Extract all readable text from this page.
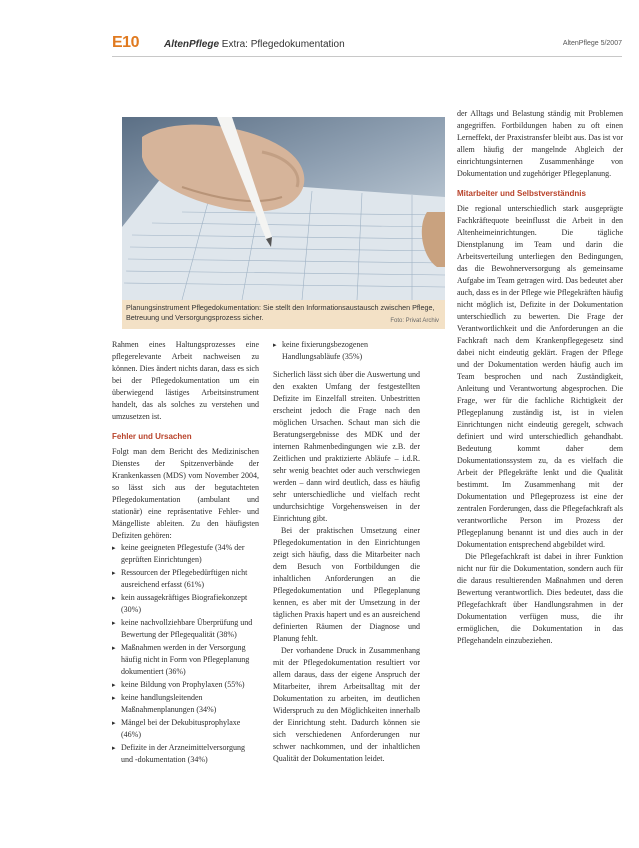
E10	AltenPflege Extra: Pflegedokumentation	AltenPflege 5/2007
Planungsinstrument Pflegedokumentation: Sie stellt den Informationsaustausch zwischen Pflege, Betreuung und Versorgungsprozess sicher.	Foto: Privat Archiv

Rahmen eines Haltungsprozesses eine pflegerelevante Arbeit nachweisen zu können. Dies ändert nichts daran, dass es sich bei der Pflegedokumentation um ein überwiegend lästiges Arbeitsinstrument handelt, das als solches zu verstehen und umzusetzen ist.

Fehler und Ursachen

Folgt man dem Bericht des Medizinischen Dienstes der Spitzenverbände der Krankenkassen (MDS) vom November 2004, so lässt sich aus der begutachteten Pflegedokumentation (ambulant und stationär) eine repräsentative Fehler- und Mängelliste ableiten. Zu den häufigsten Defiziten gehören:

▸ keine geeigneten Pflegestufe (34% der geprüften Einrichtungen)
▸ Ressourcen der Pflegebedürftigen nicht ausreichend erfasst (61%)
▸ kein aussagekräftiges Biografiekonzept (30%)
▸ keine nachvollziehbare Überprüfung und Bewertung der Pflegequalität (38%)
▸ Maßnahmen werden in der Versorgung häufig nicht in Form von Pflegeplanung dokumentiert (36%)
▸ keine Bildung von Prophylaxen (55%)
▸ keine handlungsleitenden Maßnahmenplanungen (34%)
▸ Mängel bei der Dekubitusprophylaxe (46%)
▸ Defizite in der Arzneimittelversorgung und -dokumentation (34%)
▸ keine fixierungsbezogenen Handlungsabläufe (35%)

Sicherlich lässt sich über die Auswertung und den exakten Umfang der festgestellten Defizite im Einzelfall streiten. Unbestritten erscheint jedoch die Frage nach den möglichen Ursachen. Schaut man sich die Beratungsergebnisse des MDK und der internen Rahmenbedingungen wie z.B. der Zeitlichen und praktizierte Abläufe – i.d.R. sehr wenig beachtet oder auch verschwiegen werden – dann wird deutlich, dass es häufig sehr unterschiedliche und vielfach recht undurchsichtige Vorgehensweisen in der Einrichtung gibt.

Bei der praktischen Umsetzung einer Pflegedokumentation in den Einrichtungen zeigt sich häufig, dass die Mitarbeiter nach dem Besuch von Fortbildungen die inhaltlichen Anforderungen an die Pflegedokumentation und Pflegeplanung kennen, es aber mit der Umsetzung in der täglichen Praxis hapert und es an ausreichend definierten Räumen der Diagnose und Planung fehlt.

Der vorhandene Druck in Zusammenhang mit der Pflegedokumentation resultiert vor allem daraus, dass der eigene Anspruch der Mitarbeiter, ihrem Arbeitsalltag mit der Dokumentation zu arbeiten, im deutlichen Widerspruch zu den Möglichkeiten innerhalb der Einrichtung steht. Dadurch können sie sich verschiedenen Anforderungen nur schwer nachkommen, und der inhaltlichen Qualität der Dokumentation leidet.

der Alltags und Belastung ständig mit Problemen angegriffen. Fortbildungen haben zu oft einen Lerneffekt, der Praxistransfer bleibt aus. Das ist vor allem häufig der mangelnde Abgleich der einrichtungsinternen Zusammenhänge von Dokumentation und zugehöriger Pflegeplanung.

Mitarbeiter und Selbstverständnis

Die regional unterschiedlich stark ausgeprägte Fachkräftequote beeinflusst die Arbeit in den Altenheimeinrichtungen. Die tägliche Dienstplanung im Team und darin die Arbeitsverteilung unterliegen den Bedingungen, das die Bewohnerversorgung als gemeinsame Aufgabe im Team getragen wird. Das bedeutet aber auch, dass es in der Pflege wie Pflegekräften häufig nicht möglich ist, Defizite in der Dokumentation unterschiedlich zu bewerten. Die Frage der Verantwortlichkeit und die Anforderungen an die Fachkraft nach dem Krankenpflegegesetz sind dabei nicht eindeutig geklärt. Fragen der Pflege und der Dokumentation werden häufig auch im Team besprochen und nach Zuständigkeit, Anleitung und Verantwortung abgesprochen. Die Frage, wer für die fachliche Richtigkeit der Pflegeplanung zuständig ist, ist in vielen Einrichtungen nicht eindeutig geregelt, schwach definiert und wird unterschiedlich gehandhabt. Bedeutung kommt daher dem Dokumentationssystem zu, da es vielfach die Arbeit der Pflegekräfte lenkt und die Qualität bestimmt. Im Zusammenhang mit der Dokumentation und Pflegeprozess ist eine der zentralen Forderungen, dass die Pflegefachkraft als verantwortliche Person im Prozess der Pflegeplanung benannt ist und dies auch in der Dokumentation entsprechend abgebildet wird.

Die Pflegefachkraft ist dabei in ihrer Funktion nicht nur für die Dokumentation, sondern auch für die daraus resultierenden Maßnahmen und deren Bewertung verantwortlich. Dies bedeutet, dass die Pflegefachkraft über Handlungsrahmen in der Dokumentation verfügen muss, die ihr ermöglichen, die Dokumentation in das Pflegehandeln einzubeziehen.
